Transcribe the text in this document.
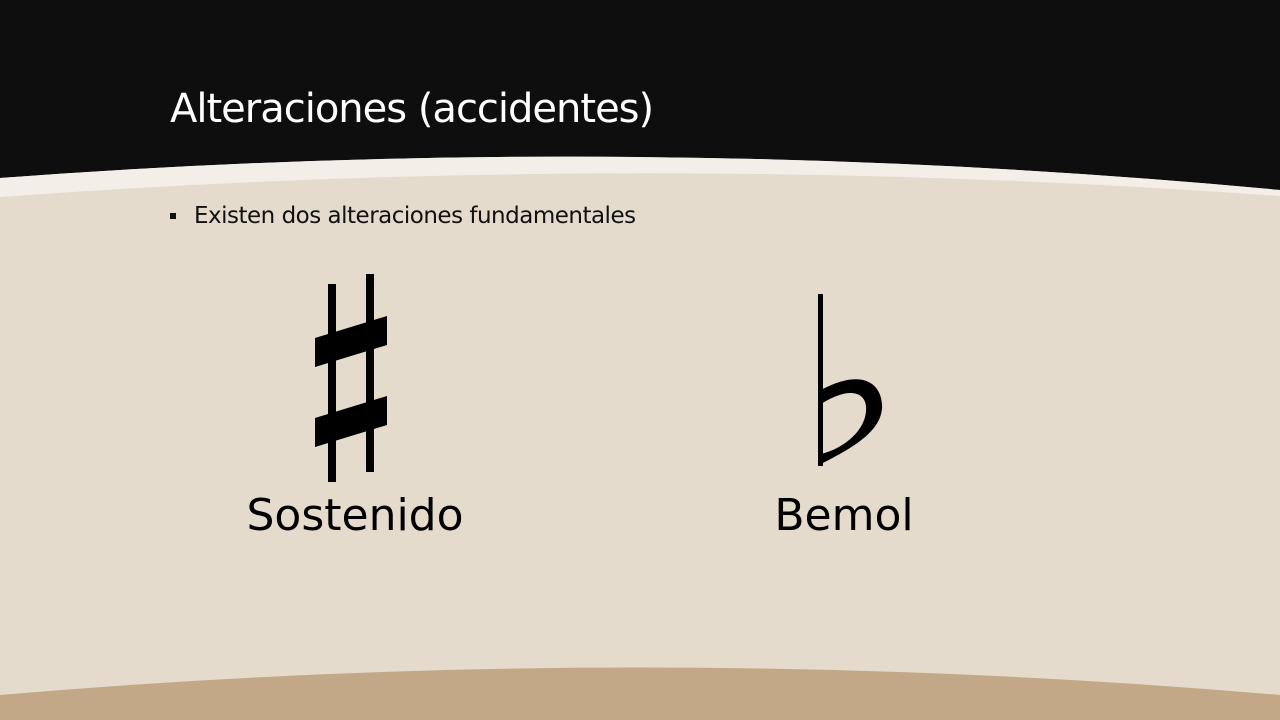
Alteraciones (accidentes)
Existen dos alteraciones fundamentales
Sostenido	Bemol
